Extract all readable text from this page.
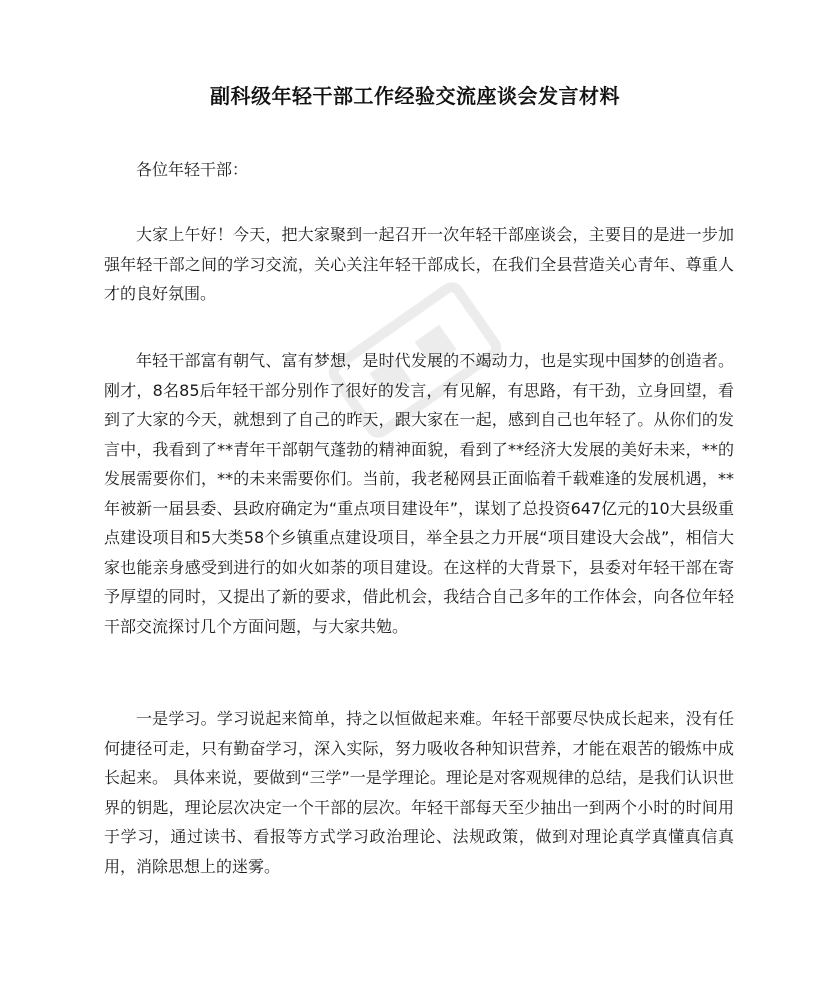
副科级年轻干部工作经验交流座谈会发言材料
各位年轻干部：

大家上午好！今天，把大家聚到一起召开一次年轻干部座谈会，主要目的是进一步加强年轻干部之间的学习交流，关心关注年轻干部成长，在我们全县营造关心青年、尊重人才的良好氛围。

年轻干部富有朝气、富有梦想，是时代发展的不竭动力，也是实现中国梦的创造者。刚才，8名85后年轻干部分别作了很好的发言，有见解，有思路，有干劲，立身回望，看到了大家的今天，就想到了自己的昨天，跟大家在一起，感到自己也年轻了。从你们的发言中，我看到了**青年干部朝气蓬勃的精神面貌，看到了**经济大发展的美好未来，**的发展需要你们，**的未来需要你们。当前，我老秘网县正面临着千载难逢的发展机遇，**年被新一届县委、县政府确定为“重点项目建设年”，谋划了总投资647亿元的10大县级重点建设项目和5大类58个乡镇重点建设项目，举全县之力开展“项目建设大会战”，相信大家也能亲身感受到进行的如火如荼的项目建设。在这样的大背景下，县委对年轻干部在寄予厚望的同时，又提出了新的要求，借此机会，我结合自己多年的工作体会，向各位年轻干部交流探讨几个方面问题，与大家共勉。

一是学习。学习说起来简单，持之以恒做起来难。年轻干部要尽快成长起来，没有任何捷径可走，只有勤奋学习，深入实际，努力吸收各种知识营养，才能在艰苦的锻炼中成长起来。 具体来说，要做到“三学”一是学理论。理论是对客观规律的总结，是我们认识世界的钥匙，理论层次决定一个干部的层次。年轻干部每天至少抽出一到两个小时的时间用于学习，通过读书、看报等方式学习政治理论、法规政策，做到对理论真学真懂真信真用，消除思想上的迷雾。
